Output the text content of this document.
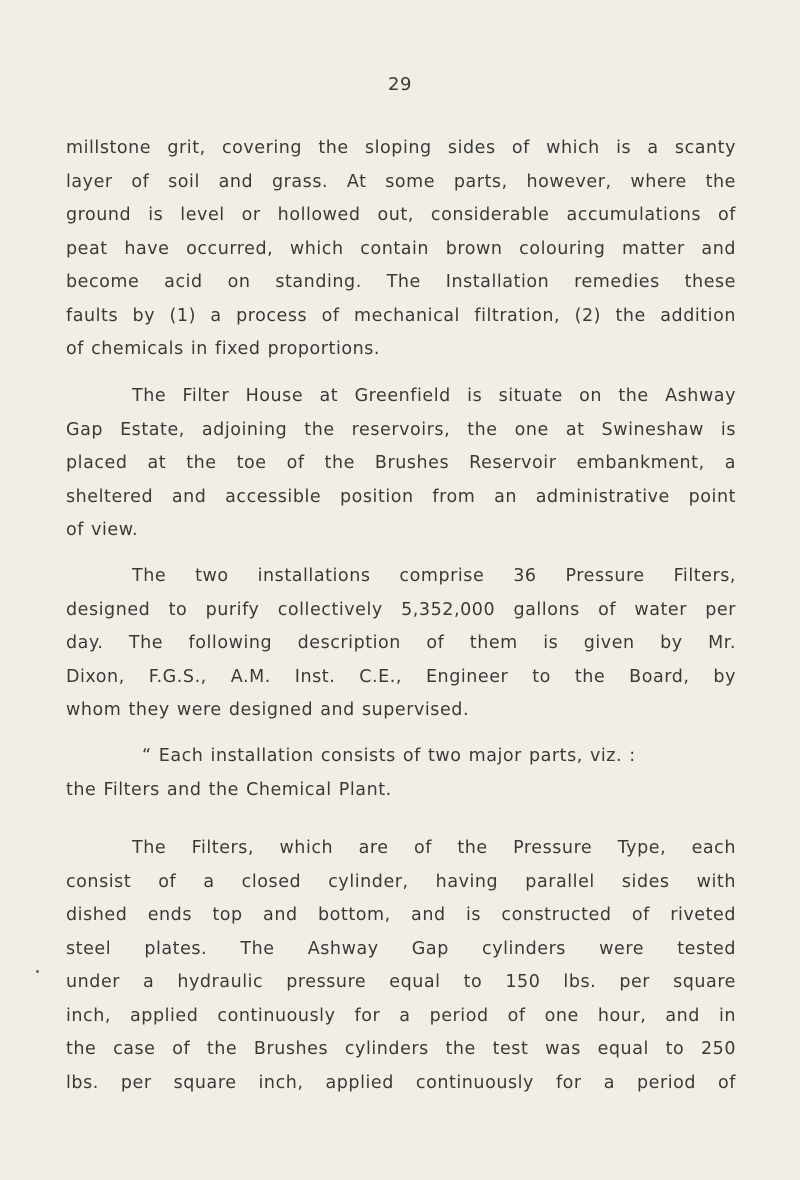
29
millstone grit, covering the sloping sides of which is a scanty
layer of soil and grass. At some parts, however, where the
ground is level or hollowed out, considerable accumulations of
peat have occurred, which contain brown colouring matter and
become acid on standing. The Installation remedies these
faults by (1) a process of mechanical filtration, (2) the addition
of chemicals in fixed proportions.
The Filter House at Greenfield is situate on the Ashway
Gap Estate, adjoining the reservoirs, the one at Swineshaw is
placed at the toe of the Brushes Reservoir embankment, a
sheltered and accessible position from an administrative point
of view.
The two installations comprise 36 Pressure Filters,
designed to purify collectively 5,352,000 gallons of water per
day. The following description of them is given by Mr.
Dixon, F.G.S., A.M. Inst. C.E., Engineer to the Board, by
whom they were designed and supervised.
“ Each installation consists of two major parts, viz. :
the Filters and the Chemical Plant.
The Filters, which are of the Pressure Type, each
consist of a closed cylinder, having parallel sides with
dished ends top and bottom, and is constructed of riveted
steel plates. The Ashway Gap cylinders were tested
under a hydraulic pressure equal to 150 lbs. per square
inch, applied continuously for a period of one hour, and in
the case of the Brushes cylinders the test was equal to 250
lbs. per square inch, applied continuously for a period of
